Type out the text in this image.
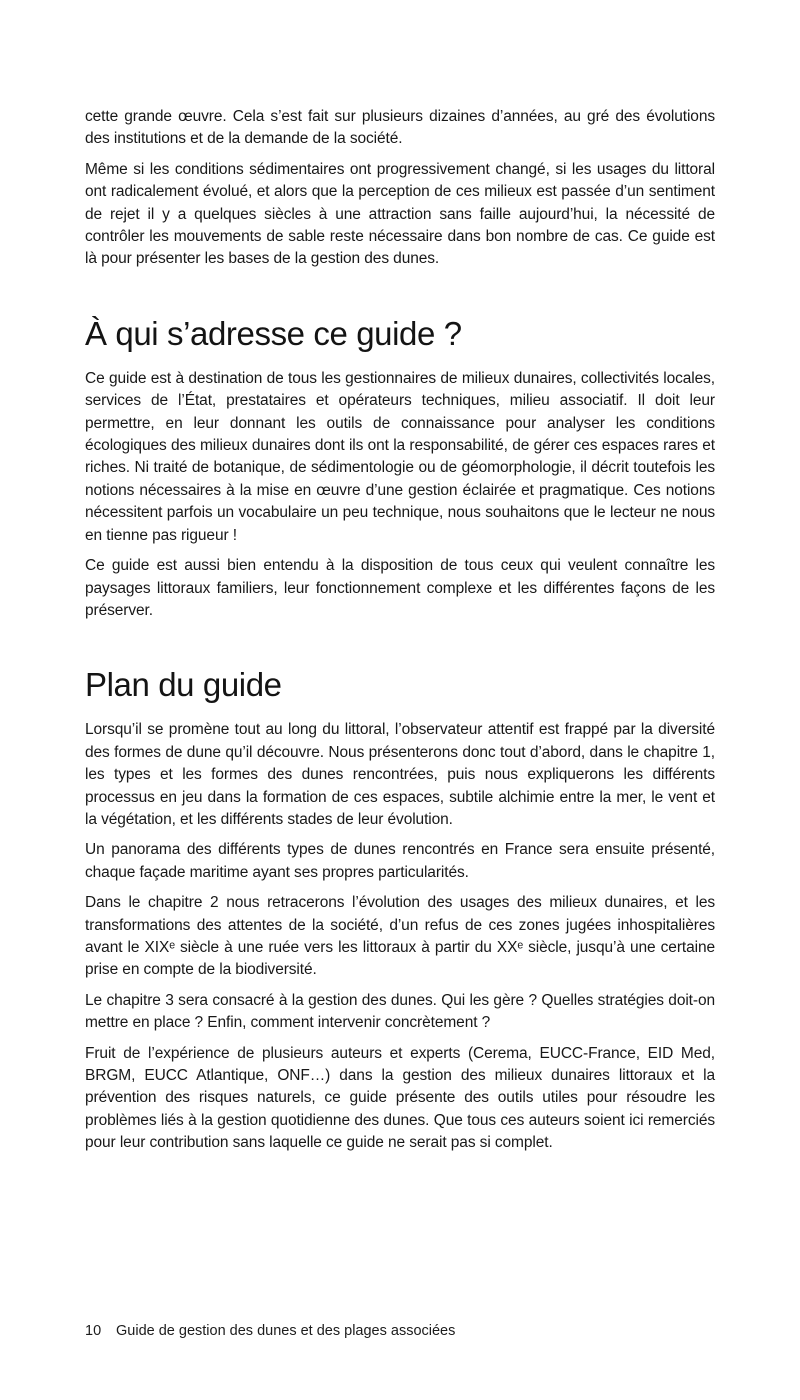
cette grande œuvre. Cela s’est fait sur plusieurs dizaines d’années, au gré des évolutions des institutions et de la demande de la société.

Même si les conditions sédimentaires ont progressivement changé, si les usages du littoral ont radicalement évolué, et alors que la perception de ces milieux est passée d’un sentiment de rejet il y a quelques siècles à une attraction sans faille aujourd’hui, la nécessité de contrôler les mouvements de sable reste nécessaire dans bon nombre de cas. Ce guide est là pour présenter les bases de la gestion des dunes.

À qui s’adresse ce guide ?

Ce guide est à destination de tous les gestionnaires de milieux dunaires, collectivités locales, services de l’État, prestataires et opérateurs techniques, milieu associatif. Il doit leur permettre, en leur donnant les outils de connaissance pour analyser les conditions écologiques des milieux dunaires dont ils ont la responsabilité, de gérer ces espaces rares et riches. Ni traité de botanique, de sédimentologie ou de géomorphologie, il décrit toutefois les notions nécessaires à la mise en œuvre d’une gestion éclairée et pragmatique. Ces notions nécessitent parfois un vocabulaire un peu technique, nous souhaitons que le lecteur ne nous en tienne pas rigueur !

Ce guide est aussi bien entendu à la disposition de tous ceux qui veulent connaître les paysages littoraux familiers, leur fonctionnement complexe et les différentes façons de les préserver.

Plan du guide

Lorsqu’il se promène tout au long du littoral, l’observateur attentif est frappé par la diversité des formes de dune qu’il découvre. Nous présenterons donc tout d’abord, dans le chapitre 1, les types et les formes des dunes rencontrées, puis nous expliquerons les différents processus en jeu dans la formation de ces espaces, subtile alchimie entre la mer, le vent et la végétation, et les différents stades de leur évolution.

Un panorama des différents types de dunes rencontrés en France sera ensuite présenté, chaque façade maritime ayant ses propres particularités.

Dans le chapitre 2 nous retracerons l’évolution des usages des milieux dunaires, et les transformations des attentes de la société, d’un refus de ces zones jugées inhospitalières avant le XIXᵉ siècle à une ruée vers les littoraux à partir du XXᵉ siècle, jusqu’à une certaine prise en compte de la biodiversité.

Le chapitre 3 sera consacré à la gestion des dunes. Qui les gère ? Quelles stratégies doit-on mettre en place ? Enfin, comment intervenir concrètement ?

Fruit de l’expérience de plusieurs auteurs et experts (Cerema, EUCC-France, EID Med, BRGM, EUCC Atlantique, ONF…) dans la gestion des milieux dunaires littoraux et la prévention des risques naturels, ce guide présente des outils utiles pour résoudre les problèmes liés à la gestion quotidienne des dunes. Que tous ces auteurs soient ici remerciés pour leur contribution sans laquelle ce guide ne serait pas si complet.

10	Guide de gestion des dunes et des plages associées
